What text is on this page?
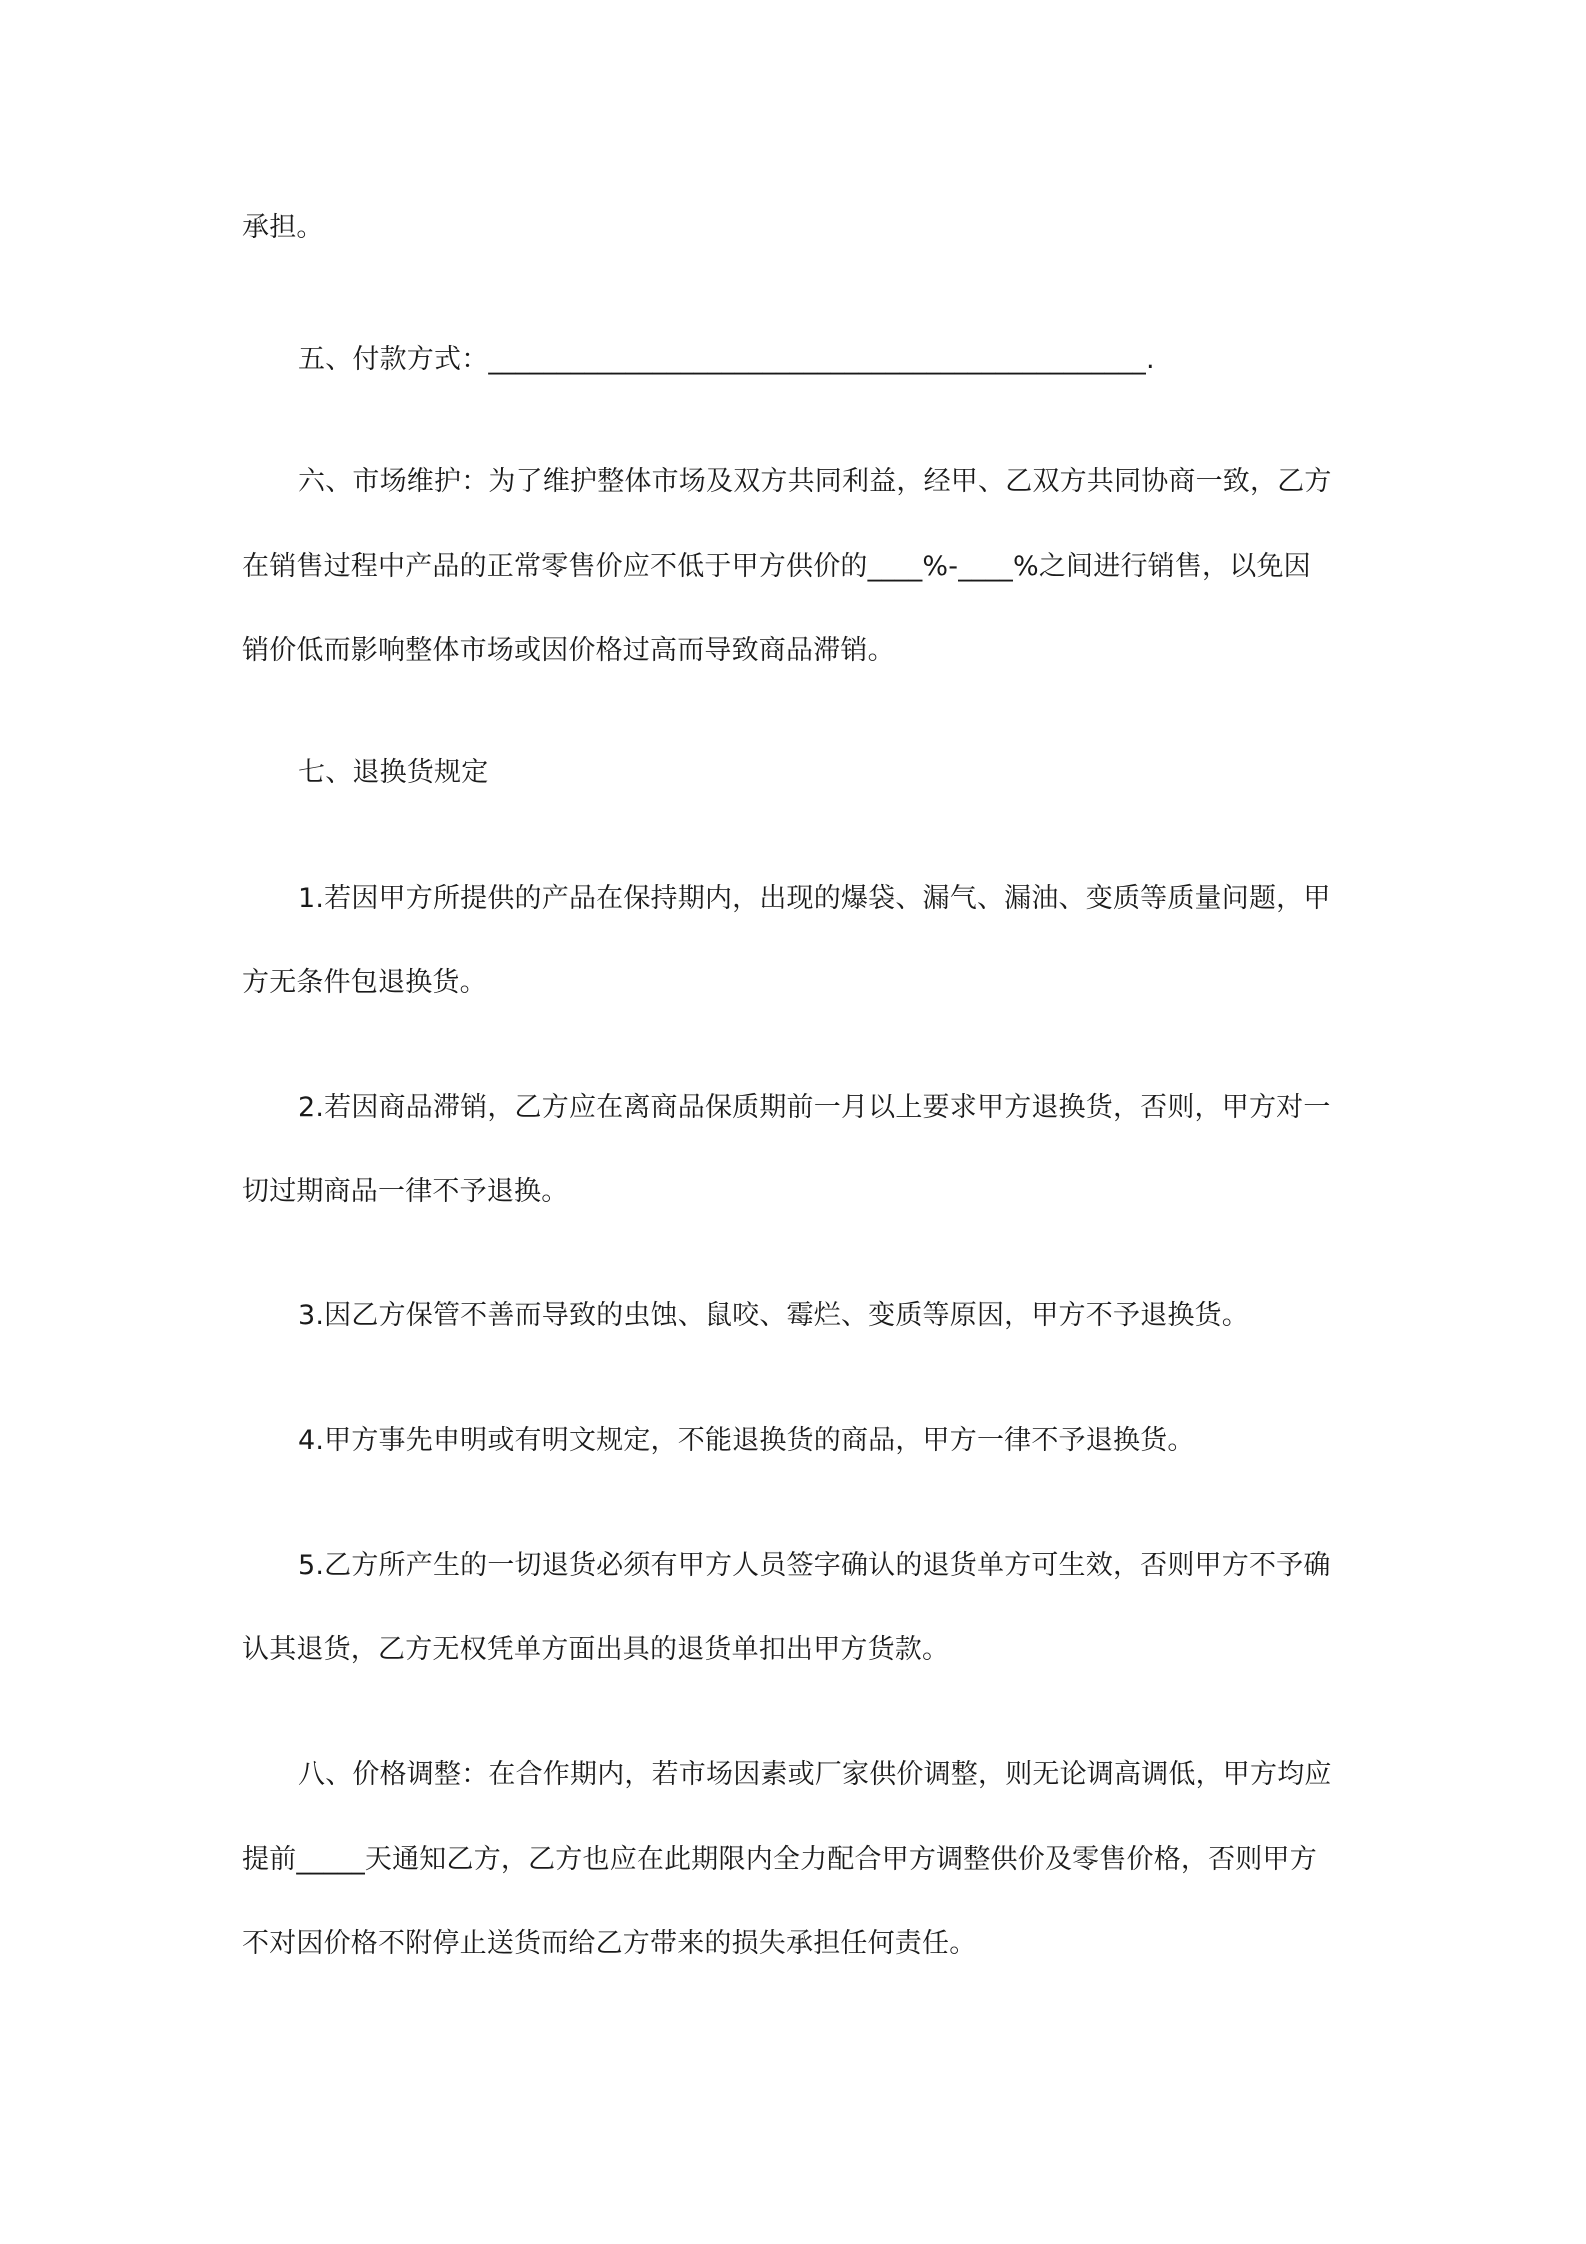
承担。
五、付款方式：________________________________________________.
六、市场维护：为了维护整体市场及双方共同利益，经甲、乙双方共同协商一致，乙方
在销售过程中产品的正常零售价应不低于甲方供价的____%-____%之间进行销售，以免因
销价低而影响整体市场或因价格过高而导致商品滞销。
七、退换货规定
1.若因甲方所提供的产品在保持期内，出现的爆袋、漏气、漏油、变质等质量问题，甲
方无条件包退换货。
2.若因商品滞销，乙方应在离商品保质期前一月以上要求甲方退换货，否则，甲方对一
切过期商品一律不予退换。
3.因乙方保管不善而导致的虫蚀、鼠咬、霉烂、变质等原因，甲方不予退换货。
4.甲方事先申明或有明文规定，不能退换货的商品，甲方一律不予退换货。
5.乙方所产生的一切退货必须有甲方人员签字确认的退货单方可生效，否则甲方不予确
认其退货，乙方无权凭单方面出具的退货单扣出甲方货款。
八、价格调整：在合作期内，若市场因素或厂家供价调整，则无论调高调低，甲方均应
提前_____天通知乙方，乙方也应在此期限内全力配合甲方调整供价及零售价格，否则甲方
不对因价格不附停止送货而给乙方带来的损失承担任何责任。
